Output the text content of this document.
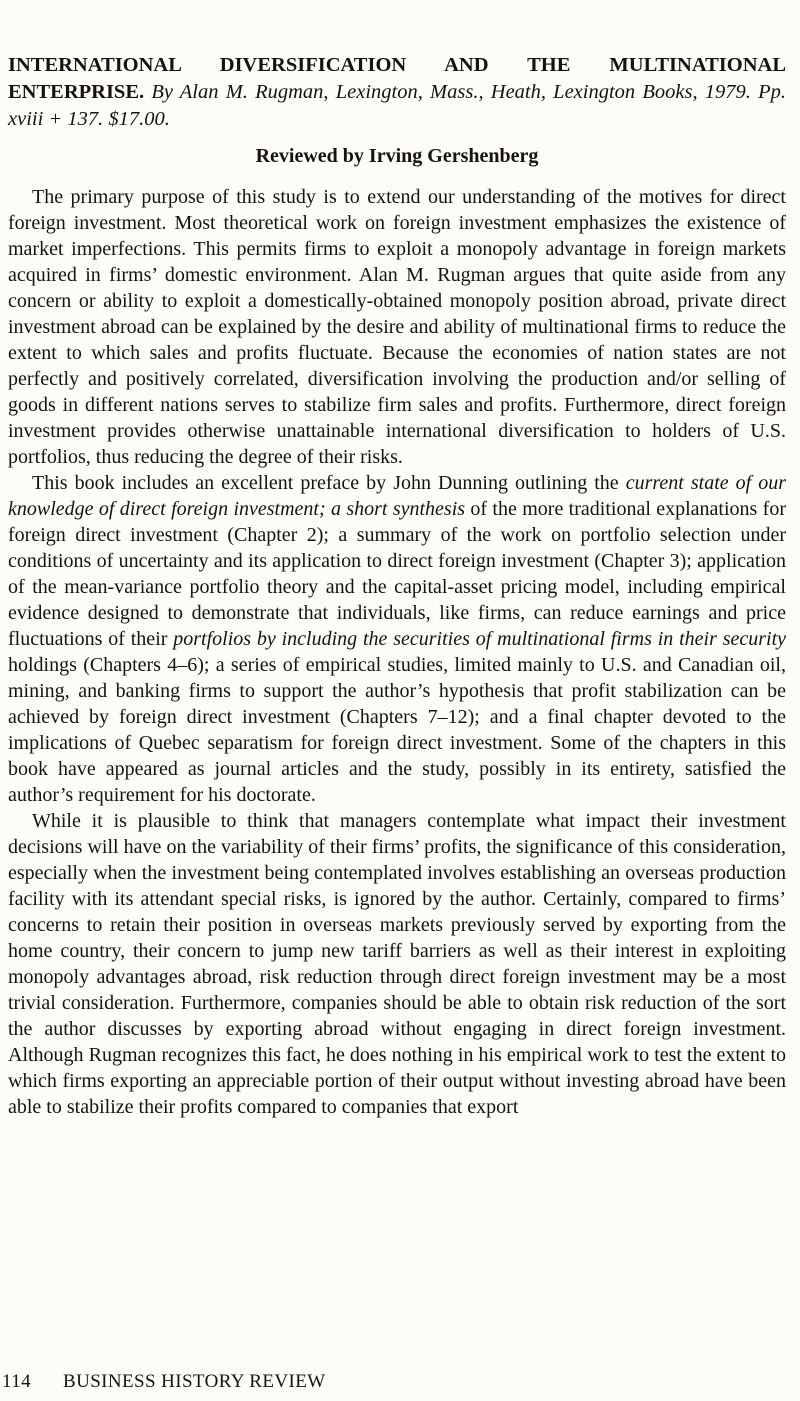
INTERNATIONAL DIVERSIFICATION AND THE MULTINATIONAL ENTERPRISE. By Alan M. Rugman, Lexington, Mass., Heath, Lexington Books, 1979. Pp. xviii + 137. $17.00.
Reviewed by Irving Gershenberg

The primary purpose of this study is to extend our understanding of the motives for direct foreign investment. Most theoretical work on foreign investment emphasizes the existence of market imperfections. This permits firms to exploit a monopoly advantage in foreign markets acquired in firms’ domestic environment. Alan M. Rugman argues that quite aside from any concern or ability to exploit a domestically-obtained monopoly position abroad, private direct investment abroad can be explained by the desire and ability of multinational firms to reduce the extent to which sales and profits fluctuate. Because the economies of nation states are not perfectly and positively correlated, diversification involving the production and/or selling of goods in different nations serves to stabilize firm sales and profits. Furthermore, direct foreign investment provides otherwise unattainable international diversification to holders of U.S. portfolios, thus reducing the degree of their risks.

This book includes an excellent preface by John Dunning outlining the current state of our knowledge of direct foreign investment; a short synthesis of the more traditional explanations for foreign direct investment (Chapter 2); a summary of the work on portfolio selection under conditions of uncertainty and its application to direct foreign investment (Chapter 3); application of the mean-variance portfolio theory and the capital-asset pricing model, including empirical evidence designed to demonstrate that individuals, like firms, can reduce earnings and price fluctuations of their portfolios by including the securities of multinational firms in their security holdings (Chapters 4–6); a series of empirical studies, limited mainly to U.S. and Canadian oil, mining, and banking firms to support the author’s hypothesis that profit stabilization can be achieved by foreign direct investment (Chapters 7–12); and a final chapter devoted to the implications of Quebec separatism for foreign direct investment. Some of the chapters in this book have appeared as journal articles and the study, possibly in its entirety, satisfied the author’s requirement for his doctorate.

While it is plausible to think that managers contemplate what impact their investment decisions will have on the variability of their firms’ profits, the significance of this consideration, especially when the investment being contemplated involves establishing an overseas production facility with its attendant special risks, is ignored by the author. Certainly, compared to firms’ concerns to retain their position in overseas markets previously served by exporting from the home country, their concern to jump new tariff barriers as well as their interest in exploiting monopoly advantages abroad, risk reduction through direct foreign investment may be a most trivial consideration. Furthermore, companies should be able to obtain risk reduction of the sort the author discusses by exporting abroad without engaging in direct foreign investment. Although Rugman recognizes this fact, he does nothing in his empirical work to test the extent to which firms exporting an appreciable portion of their output without investing abroad have been able to stabilize their profits compared to companies that export

114 BUSINESS HISTORY REVIEW
